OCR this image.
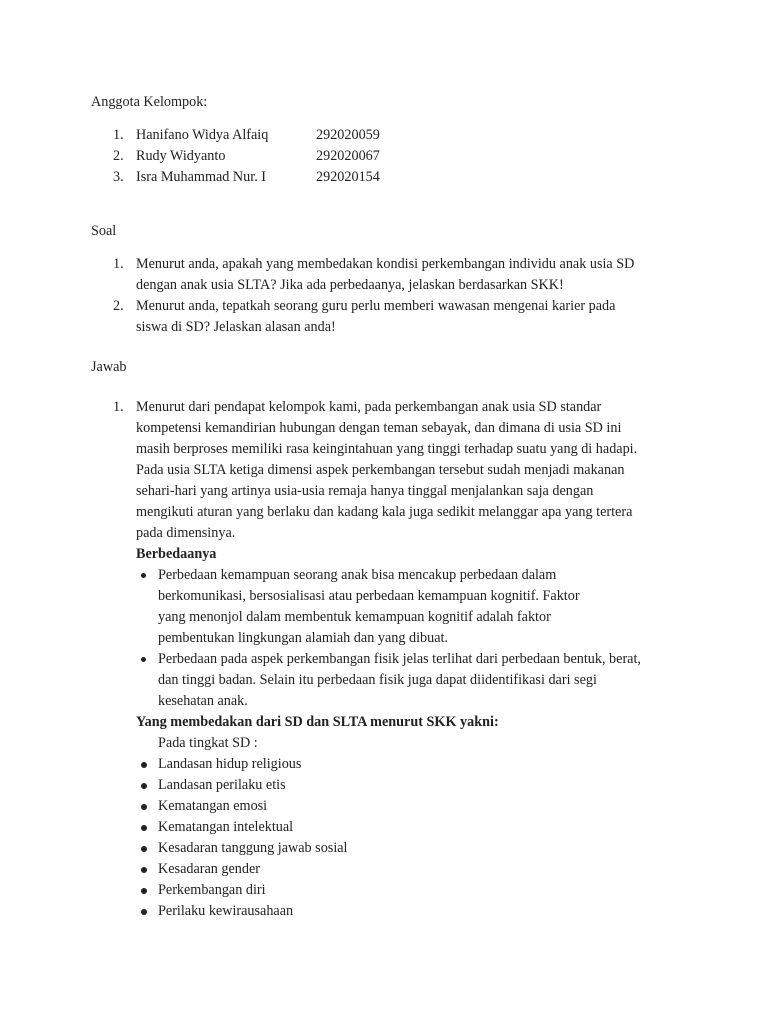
Anggota Kelompok:
1. Hanifano Widya Alfaiq	292020059
2. Rudy Widyanto	292020067
3. Isra Muhammad Nur. I	292020154
Soal
1. Menurut anda, apakah yang membedakan kondisi perkembangan individu anak usia SD
dengan anak usia SLTA? Jika ada perbedaanya, jelaskan berdasarkan SKK!
2. Menurut anda, tepatkah seorang guru perlu memberi wawasan mengenai karier pada
siswa di SD? Jelaskan alasan anda!
Jawab
1. Menurut dari pendapat kelompok kami, pada perkembangan anak usia SD standar
kompetensi kemandirian hubungan dengan teman sebayak, dan dimana di usia SD ini
masih berproses memiliki rasa keingintahuan yang tinggi terhadap suatu yang di hadapi.
Pada usia SLTA ketiga dimensi aspek perkembangan tersebut sudah menjadi makanan
sehari-hari yang artinya usia-usia remaja hanya tinggal menjalankan saja dengan
mengikuti aturan yang berlaku dan kadang kala juga sedikit melanggar apa yang tertera
pada dimensinya.
Berbedaanya
Perbedaan kemampuan seorang anak bisa mencakup perbedaan dalam
berkomunikasi, bersosialisasi atau perbedaan kemampuan kognitif. Faktor
yang menonjol dalam membentuk kemampuan kognitif adalah faktor
pembentukan lingkungan alamiah dan yang dibuat.
Perbedaan pada aspek perkembangan fisik jelas terlihat dari perbedaan bentuk, berat,
dan tinggi badan. Selain itu perbedaan fisik juga dapat diidentifikasi dari segi
kesehatan anak.
Yang membedakan dari SD dan SLTA menurut SKK yakni:
Pada tingkat SD :
Landasan hidup religious
Landasan perilaku etis
Kematangan emosi
Kematangan intelektual
Kesadaran tanggung jawab sosial
Kesadaran gender
Perkembangan diri
Perilaku kewirausahaan
